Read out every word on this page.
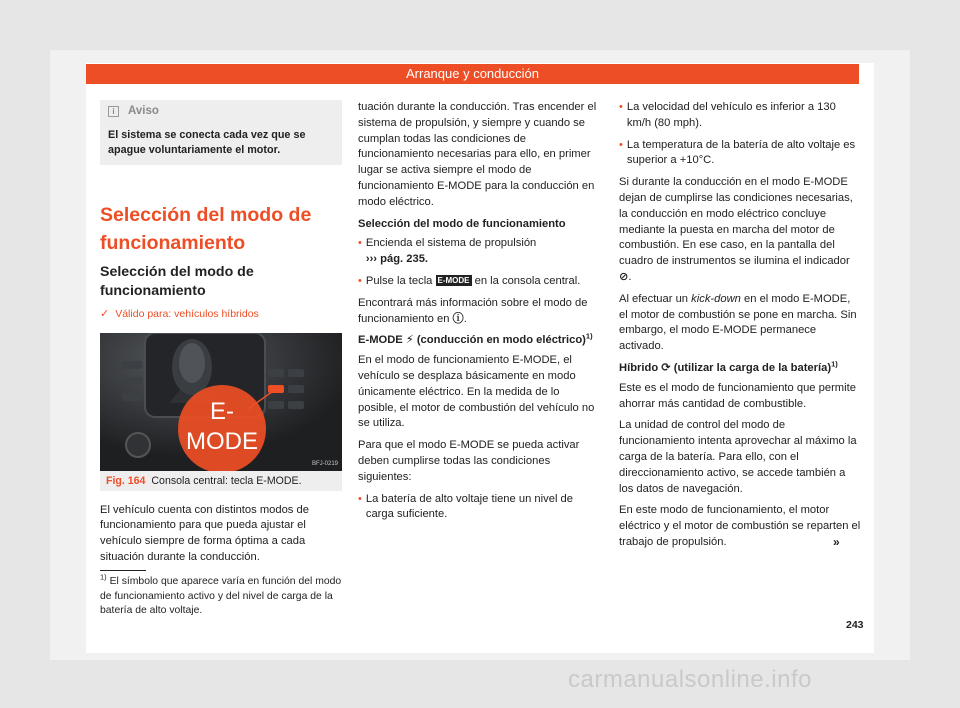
Arranque y conducción
i	Aviso
El sistema se conecta cada vez que se apague voluntariamente el motor.
Selección del modo de funcionamiento
Selección del modo de funcionamiento
✓ Válido para: vehículos híbridos
E-
MODE
BFJ-0219
Fig. 164 Consola central: tecla E-MODE.

El vehículo cuenta con distintos modos de funcionamiento para que pueda ajustar el vehículo siempre de forma óptima a cada situación durante la conducción.

tuación durante la conducción. Tras encender el sistema de propulsión, y siempre y cuando se cumplan todas las condiciones de funcionamiento necesarias para ello, en primer lugar se activa siempre el modo de funcionamiento E-MODE para la conducción en modo eléctrico.

Selección del modo de funcionamiento
• Encienda el sistema de propulsión
››› pág. 235.
• Pulse la tecla E-MODE en la consola central.

Encontrará más información sobre el modo de funcionamiento en ⓘ.

E-MODE ⚡ (conducción en modo eléctrico)$^{1)}$

En el modo de funcionamiento E-MODE, el vehículo se desplaza básicamente en modo únicamente eléctrico. En la medida de lo posible, el motor de combustión del vehículo no se utiliza.

Para que el modo E-MODE se pueda activar deben cumplirse todas las condiciones siguientes:

• La batería de alto voltaje tiene un nivel de carga suficiente.
• La velocidad del vehículo es inferior a 130 km/h (80 mph).
• La temperatura de la batería de alto voltaje es superior a +10°C.

Si durante la conducción en el modo E-MODE dejan de cumplirse las condiciones necesarias, la conducción en modo eléctrico concluye mediante la puesta en marcha del motor de combustión. En ese caso, en la pantalla del cuadro de instrumentos se ilumina el indicador ⊘.

Al efectuar un kick-down en el modo E-MODE, el motor de combustión se pone en marcha. Sin embargo, el modo E-MODE permanece activado.

Híbrido ⟳ (utilizar la carga de la batería)$^{1)}$

Este es el modo de funcionamiento que permite ahorrar más cantidad de combustible.

La unidad de control del modo de funcionamiento intenta aprovechar al máximo la carga de la batería. Para ello, con el direccionamiento activo, se accede también a los datos de navegación.

En este modo de funcionamiento, el motor eléctrico y el motor de combustión se reparten el trabajo de propulsión.

$^{1)}$ El símbolo que aparece varía en función del modo de funcionamiento activo y del nivel de carga de la batería de alto voltaje.
»
243
carmanualsonline.info
